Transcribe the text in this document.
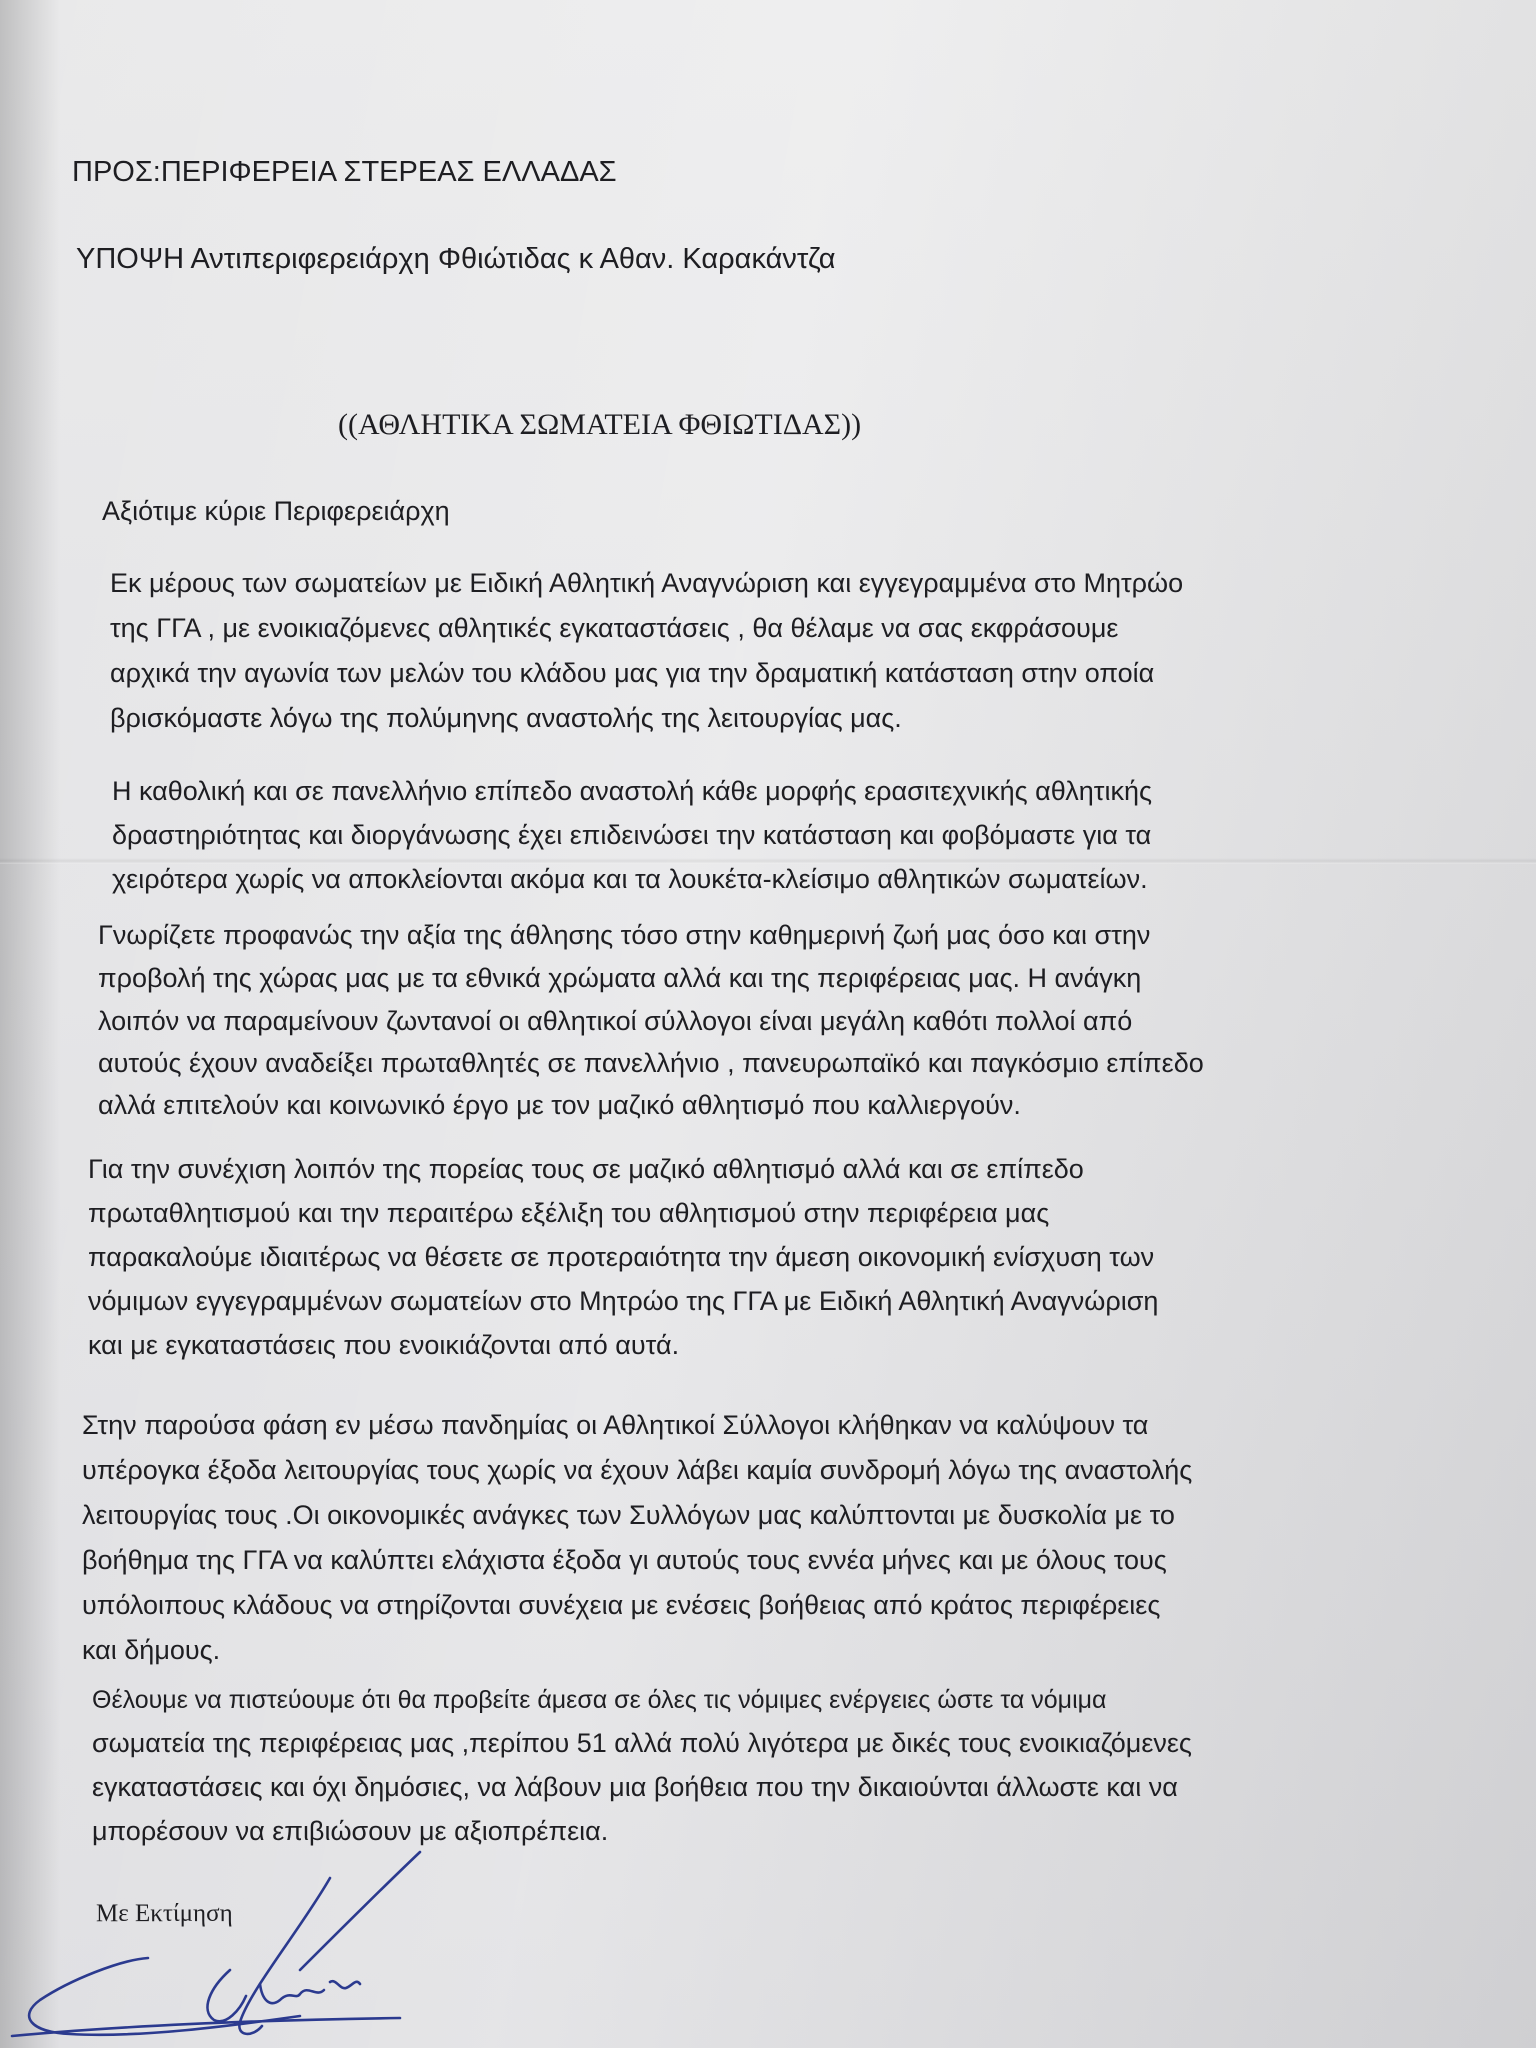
ΠΡΟΣ:ΠΕΡΙΦΕΡΕΙΑ ΣΤΕΡΕΑΣ ΕΛΛΑΔΑΣ
ΥΠΟΨΗ Αντιπεριφερειάρχη Φθιώτιδας κ Αθαν. Καρακάντζα
((ΑΘΛΗΤΙΚΑ ΣΩΜΑΤΕΙΑ ΦΘΙΩΤΙΔΑΣ))
Αξιότιμε κύριε Περιφερειάρχη
Εκ μέρους των σωματείων με Ειδική Αθλητική Αναγνώριση και εγγεγραμμένα στο Μητρώο
της ΓΓΑ , με ενοικιαζόμενες αθλητικές εγκαταστάσεις , θα θέλαμε να σας εκφράσουμε
αρχικά την αγωνία των μελών του κλάδου μας για την δραματική κατάσταση στην οποία
βρισκόμαστε λόγω της πολύμηνης αναστολής της λειτουργίας μας.
Η καθολική και σε πανελλήνιο επίπεδο αναστολή κάθε μορφής ερασιτεχνικής αθλητικής
δραστηριότητας και διοργάνωσης έχει επιδεινώσει την κατάσταση και φοβόμαστε για τα
χειρότερα χωρίς να αποκλείονται ακόμα και τα λουκέτα-κλείσιμο αθλητικών σωματείων.
Γνωρίζετε προφανώς την αξία της άθλησης τόσο στην καθημερινή ζωή μας όσο και στην
προβολή της χώρας μας με τα εθνικά χρώματα αλλά και της περιφέρειας μας. Η ανάγκη
λοιπόν να παραμείνουν ζωντανοί οι αθλητικοί σύλλογοι είναι μεγάλη καθότι πολλοί από
αυτούς έχουν αναδείξει πρωταθλητές σε πανελλήνιο , πανευρωπαϊκό και παγκόσμιο επίπεδο
αλλά επιτελούν και κοινωνικό έργο με τον μαζικό αθλητισμό που καλλιεργούν.
Για την συνέχιση λοιπόν της πορείας τους σε μαζικό αθλητισμό αλλά και σε επίπεδο
πρωταθλητισμού και την περαιτέρω εξέλιξη του αθλητισμού στην περιφέρεια μας
παρακαλούμε ιδιαιτέρως να θέσετε σε προτεραιότητα την άμεση οικονομική ενίσχυση των
νόμιμων εγγεγραμμένων σωματείων στο Μητρώο της ΓΓΑ με Ειδική Αθλητική Αναγνώριση
και με εγκαταστάσεις που ενοικιάζονται από αυτά.
Στην παρούσα φάση εν μέσω πανδημίας οι Αθλητικοί Σύλλογοι κλήθηκαν να καλύψουν τα
υπέρογκα έξοδα λειτουργίας τους χωρίς να έχουν λάβει καμία συνδρομή λόγω της αναστολής
λειτουργίας τους .Οι οικονομικές ανάγκες των Συλλόγων μας καλύπτονται με δυσκολία με το
βοήθημα της ΓΓΑ να καλύπτει ελάχιστα έξοδα γι αυτούς τους εννέα μήνες και με όλους τους
υπόλοιπους κλάδους να στηρίζονται συνέχεια με ενέσεις βοήθειας από κράτος περιφέρειες
και δήμους.
Θέλουμε να πιστεύουμε ότι θα προβείτε άμεσα σε όλες τις νόμιμες ενέργειες ώστε τα νόμιμα
σωματεία της περιφέρειας μας ,περίπου 51 αλλά πολύ λιγότερα με δικές τους ενοικιαζόμενες
εγκαταστάσεις και όχι δημόσιες, να λάβουν μια βοήθεια που την δικαιούνται άλλωστε και να
μπορέσουν να επιβιώσουν με αξιοπρέπεια.
Με Εκτίμηση
